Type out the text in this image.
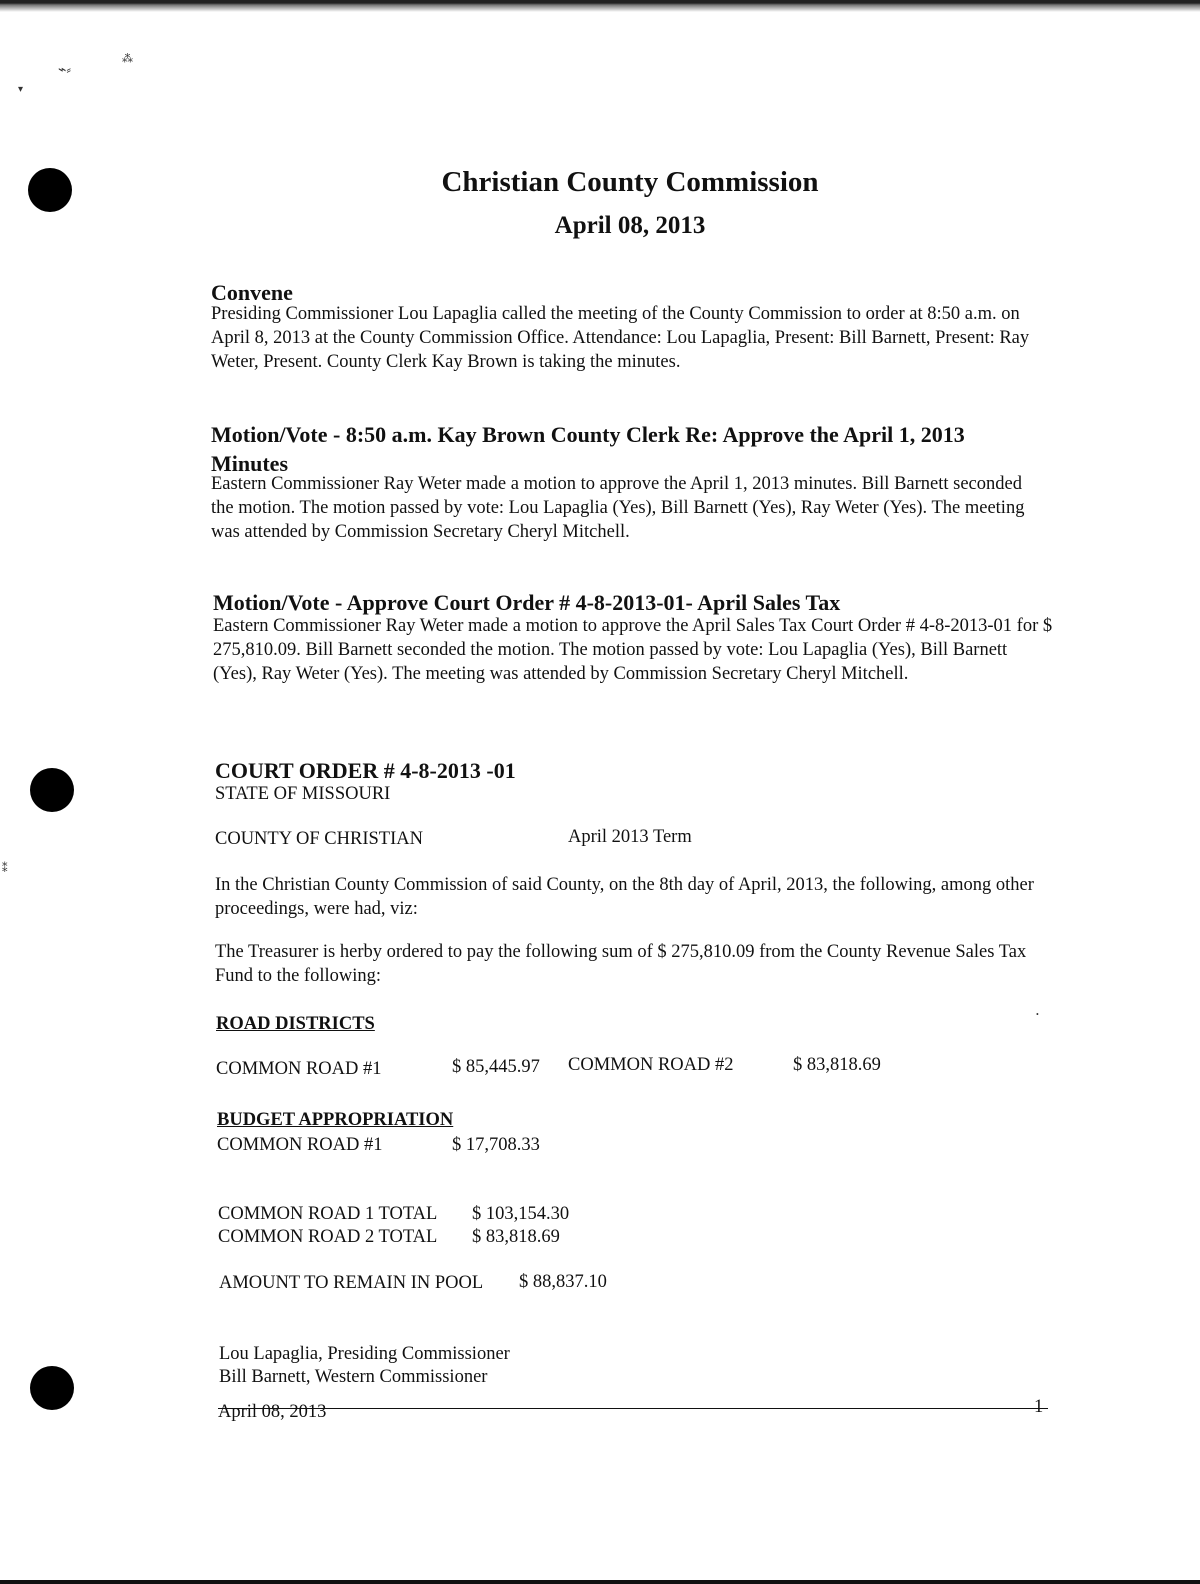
⌁⸗
⁂
▾
⁑
•
Christian County Commission
April 08, 2013
Convene
Presiding Commissioner Lou Lapaglia called the meeting of the County Commission to order at 8:50 a.m. on April 8, 2013 at the County Commission Office. Attendance: Lou Lapaglia, Present: Bill Barnett, Present: Ray Weter, Present. County Clerk Kay Brown is taking the minutes.
Motion/Vote - 8:50 a.m. Kay Brown County Clerk Re: Approve the April 1, 2013 Minutes
Eastern Commissioner Ray Weter made a motion to approve the April 1, 2013 minutes. Bill Barnett seconded the motion. The motion passed by vote: Lou Lapaglia (Yes), Bill Barnett (Yes), Ray Weter (Yes). The meeting was attended by Commission Secretary Cheryl Mitchell.
Motion/Vote - Approve Court Order # 4-8-2013-01- April Sales Tax
Eastern Commissioner Ray Weter made a motion to approve the April Sales Tax Court Order # 4-8-2013-01 for $ 275,810.09. Bill Barnett seconded the motion. The motion passed by vote: Lou Lapaglia (Yes), Bill Barnett (Yes), Ray Weter (Yes). The meeting was attended by Commission Secretary Cheryl Mitchell.
COURT ORDER # 4-8-2013 -01
STATE OF MISSOURI
COUNTY OF CHRISTIAN	April 2013 Term
In the Christian County Commission of said County, on the 8th day of April, 2013, the following, among other proceedings, were had, viz:
The Treasurer is herby ordered to pay the following sum of $ 275,810.09 from the County Revenue Sales Tax Fund to the following:
ROAD DISTRICTS
COMMON ROAD #1	$ 85,445.97 COMMON ROAD #2	$ 83,818.69
BUDGET APPROPRIATION
COMMON ROAD #1	$ 17,708.33
COMMON ROAD 1 TOTAL $ 103,154.30
COMMON ROAD 2 TOTAL $ 83,818.69
AMOUNT TO REMAIN IN POOL $ 88,837.10
Lou Lapaglia, Presiding Commissioner
Bill Barnett, Western Commissioner
April 08, 2013	1
